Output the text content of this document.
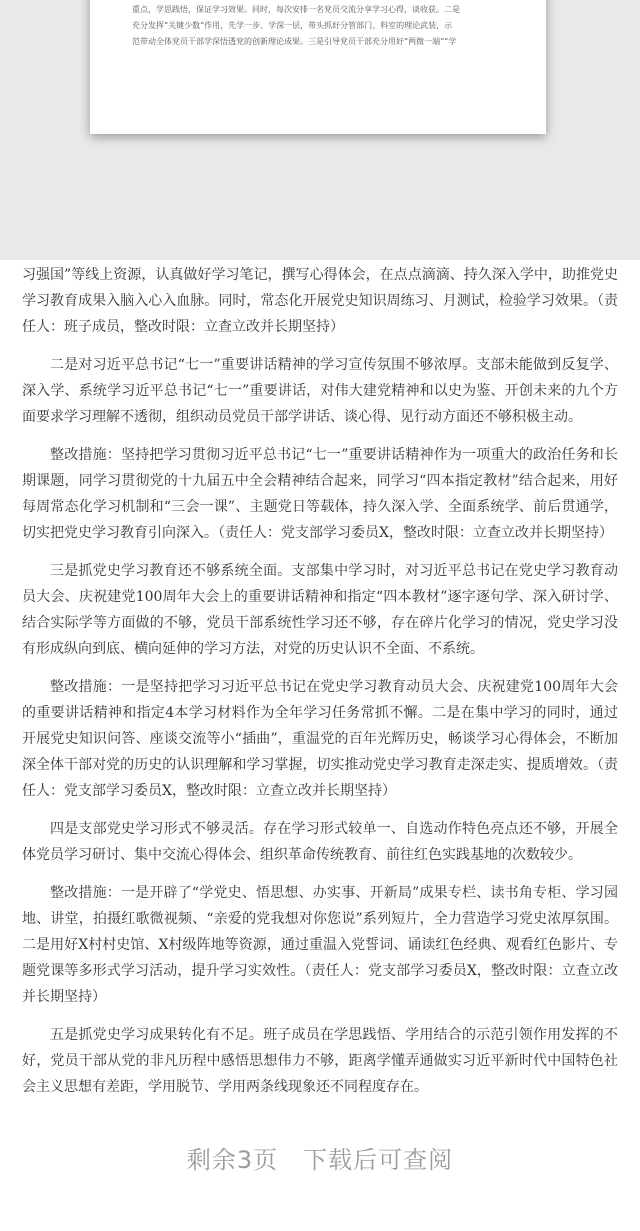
重点，学思践悟，保证学习效果。同时，每次安排一名党员交流分享学习心得，谈收获。二是
充分发挥“关键少数”作用，先学一步、学深一层，带头抓好分管部门、科室的理论武装，示
范带动全体党员干部学深悟透党的创新理论成果。三是引导党员干部充分用好“两微一端”“学

习强国”等线上资源，认真做好学习笔记，撰写心得体会，在点点滴滴、持久深入学中，助推党史学习教育成果入脑入心入血脉。同时，常态化开展党史知识周练习、月测试，检验学习效果。（责任人：班子成员，整改时限：立查立改并长期坚持）

二是对习近平总书记“七一”重要讲话精神的学习宣传氛围不够浓厚。支部未能做到反复学、深入学、系统学习近平总书记“七一”重要讲话，对伟大建党精神和以史为鉴、开创未来的九个方面要求学习理解不透彻，组织动员党员干部学讲话、谈心得、见行动方面还不够积极主动。

整改措施：坚持把学习贯彻习近平总书记“七一”重要讲话精神作为一项重大的政治任务和长期课题，同学习贯彻党的十九届五中全会精神结合起来，同学习“四本指定教材”结合起来，用好每周常态化学习机制和“三会一课”、主题党日等载体，持久深入学、全面系统学、前后贯通学，切实把党史学习教育引向深入。（责任人：党支部学习委员X，整改时限：立查立改并长期坚持）

三是抓党史学习教育还不够系统全面。支部集中学习时，对习近平总书记在党史学习教育动员大会、庆祝建党100周年大会上的重要讲话精神和指定“四本教材”逐字逐句学、深入研讨学、结合实际学等方面做的不够，党员干部系统性学习还不够，存在碎片化学习的情况，党史学习没有形成纵向到底、横向延伸的学习方法，对党的历史认识不全面、不系统。

整改措施：一是坚持把学习习近平总书记在党史学习教育动员大会、庆祝建党100周年大会的重要讲话精神和指定4本学习材料作为全年学习任务常抓不懈。二是在集中学习的同时，通过开展党史知识问答、座谈交流等小“插曲”，重温党的百年光辉历史，畅谈学习心得体会，不断加深全体干部对党的历史的认识理解和学习掌握，切实推动党史学习教育走深走实、提质增效。（责任人：党支部学习委员X，整改时限：立查立改并长期坚持）

四是支部党史学习形式不够灵活。存在学习形式较单一、自选动作特色亮点还不够，开展全体党员学习研讨、集中交流心得体会、组织革命传统教育、前往红色实践基地的次数较少。

整改措施：一是开辟了“学党史、悟思想、办实事、开新局”成果专栏、读书角专柜、学习园地、讲堂，拍摄红歌微视频、“亲爱的党我想对你您说”系列短片，全力营造学习党史浓厚氛围。二是用好X村村史馆、X村级阵地等资源，通过重温入党誓词、诵读红色经典、观看红色影片、专题党课等多形式学习活动，提升学习实效性。（责任人：党支部学习委员X，整改时限：立查立改并长期坚持）

五是抓党史学习成果转化有不足。班子成员在学思践悟、学用结合的示范引领作用发挥的不好，党员干部从党的非凡历程中感悟思想伟力不够，距离学懂弄通做实习近平新时代中国特色社会主义思想有差距，学用脱节、学用两条线现象还不同程度存在。

剩余3页　下载后可查阅
